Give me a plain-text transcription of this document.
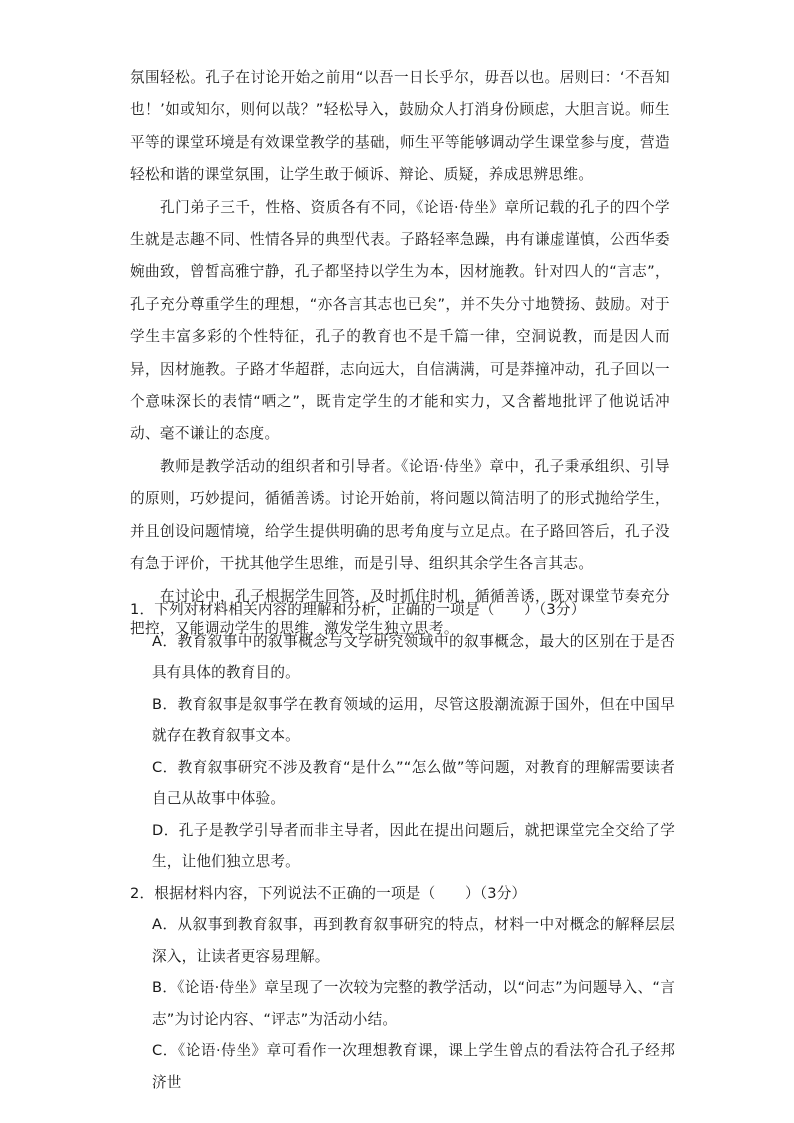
氛围轻松。孔子在讨论开始之前用“以吾一日长乎尔，毋吾以也。居则曰：‘不吾知也！’如或知尔，则何以哉？”轻松导入，鼓励众人打消身份顾虑，大胆言说。师生平等的课堂环境是有效课堂教学的基础，师生平等能够调动学生课堂参与度，营造轻松和谐的课堂氛围，让学生敢于倾诉、辩论、质疑，养成思辨思维。

孔门弟子三千，性格、资质各有不同，《论语·侍坐》章所记载的孔子的四个学生就是志趣不同、性情各异的典型代表。子路轻率急躁，冉有谦虚谨慎，公西华委婉曲致，曾皙高雅宁静，孔子都坚持以学生为本，因材施教。针对四人的“言志”，孔子充分尊重学生的理想，“亦各言其志也已矣”，并不失分寸地赞扬、鼓励。对于学生丰富多彩的个性特征，孔子的教育也不是千篇一律，空洞说教，而是因人而异，因材施教。子路才华超群，志向远大，自信满满，可是莽撞冲动，孔子回以一个意味深长的表情“哂之”，既肯定学生的才能和实力，又含蓄地批评了他说话冲动、毫不谦让的态度。

教师是教学活动的组织者和引导者。《论语·侍坐》章中，孔子秉承组织、引导的原则，巧妙提问，循循善诱。讨论开始前，将问题以简洁明了的形式抛给学生，并且创设问题情境，给学生提供明确的思考角度与立足点。在子路回答后，孔子没有急于评价，干扰其他学生思维，而是引导、组织其余学生各言其志。

在讨论中，孔子根据学生回答，及时抓住时机，循循善诱，既对课堂节奏充分把控，又能调动学生的思维，激发学生独立思考。

1．下列对材料相关内容的理解和分析，正确的一项是（　　）（3分）

A．教育叙事中的叙事概念与文学研究领域中的叙事概念，最大的区别在于是否具有具体的教育目的。

B．教育叙事是叙事学在教育领域的运用，尽管这股潮流源于国外，但在中国早就存在教育叙事文本。

C．教育叙事研究不涉及教育“是什么”“怎么做”等问题，对教育的理解需要读者自己从故事中体验。

D．孔子是教学引导者而非主导者，因此在提出问题后，就把课堂完全交给了学生，让他们独立思考。

2．根据材料内容，下列说法不正确的一项是（　　）（3分）

A．从叙事到教育叙事，再到教育叙事研究的特点，材料一中对概念的解释层层深入，让读者更容易理解。

B．《论语·侍坐》章呈现了一次较为完整的教学活动，以“问志”为问题导入、“言志”为讨论内容、“评志”为活动小结。

C．《论语·侍坐》章可看作一次理想教育课，课上学生曾点的看法符合孔子经邦济世
